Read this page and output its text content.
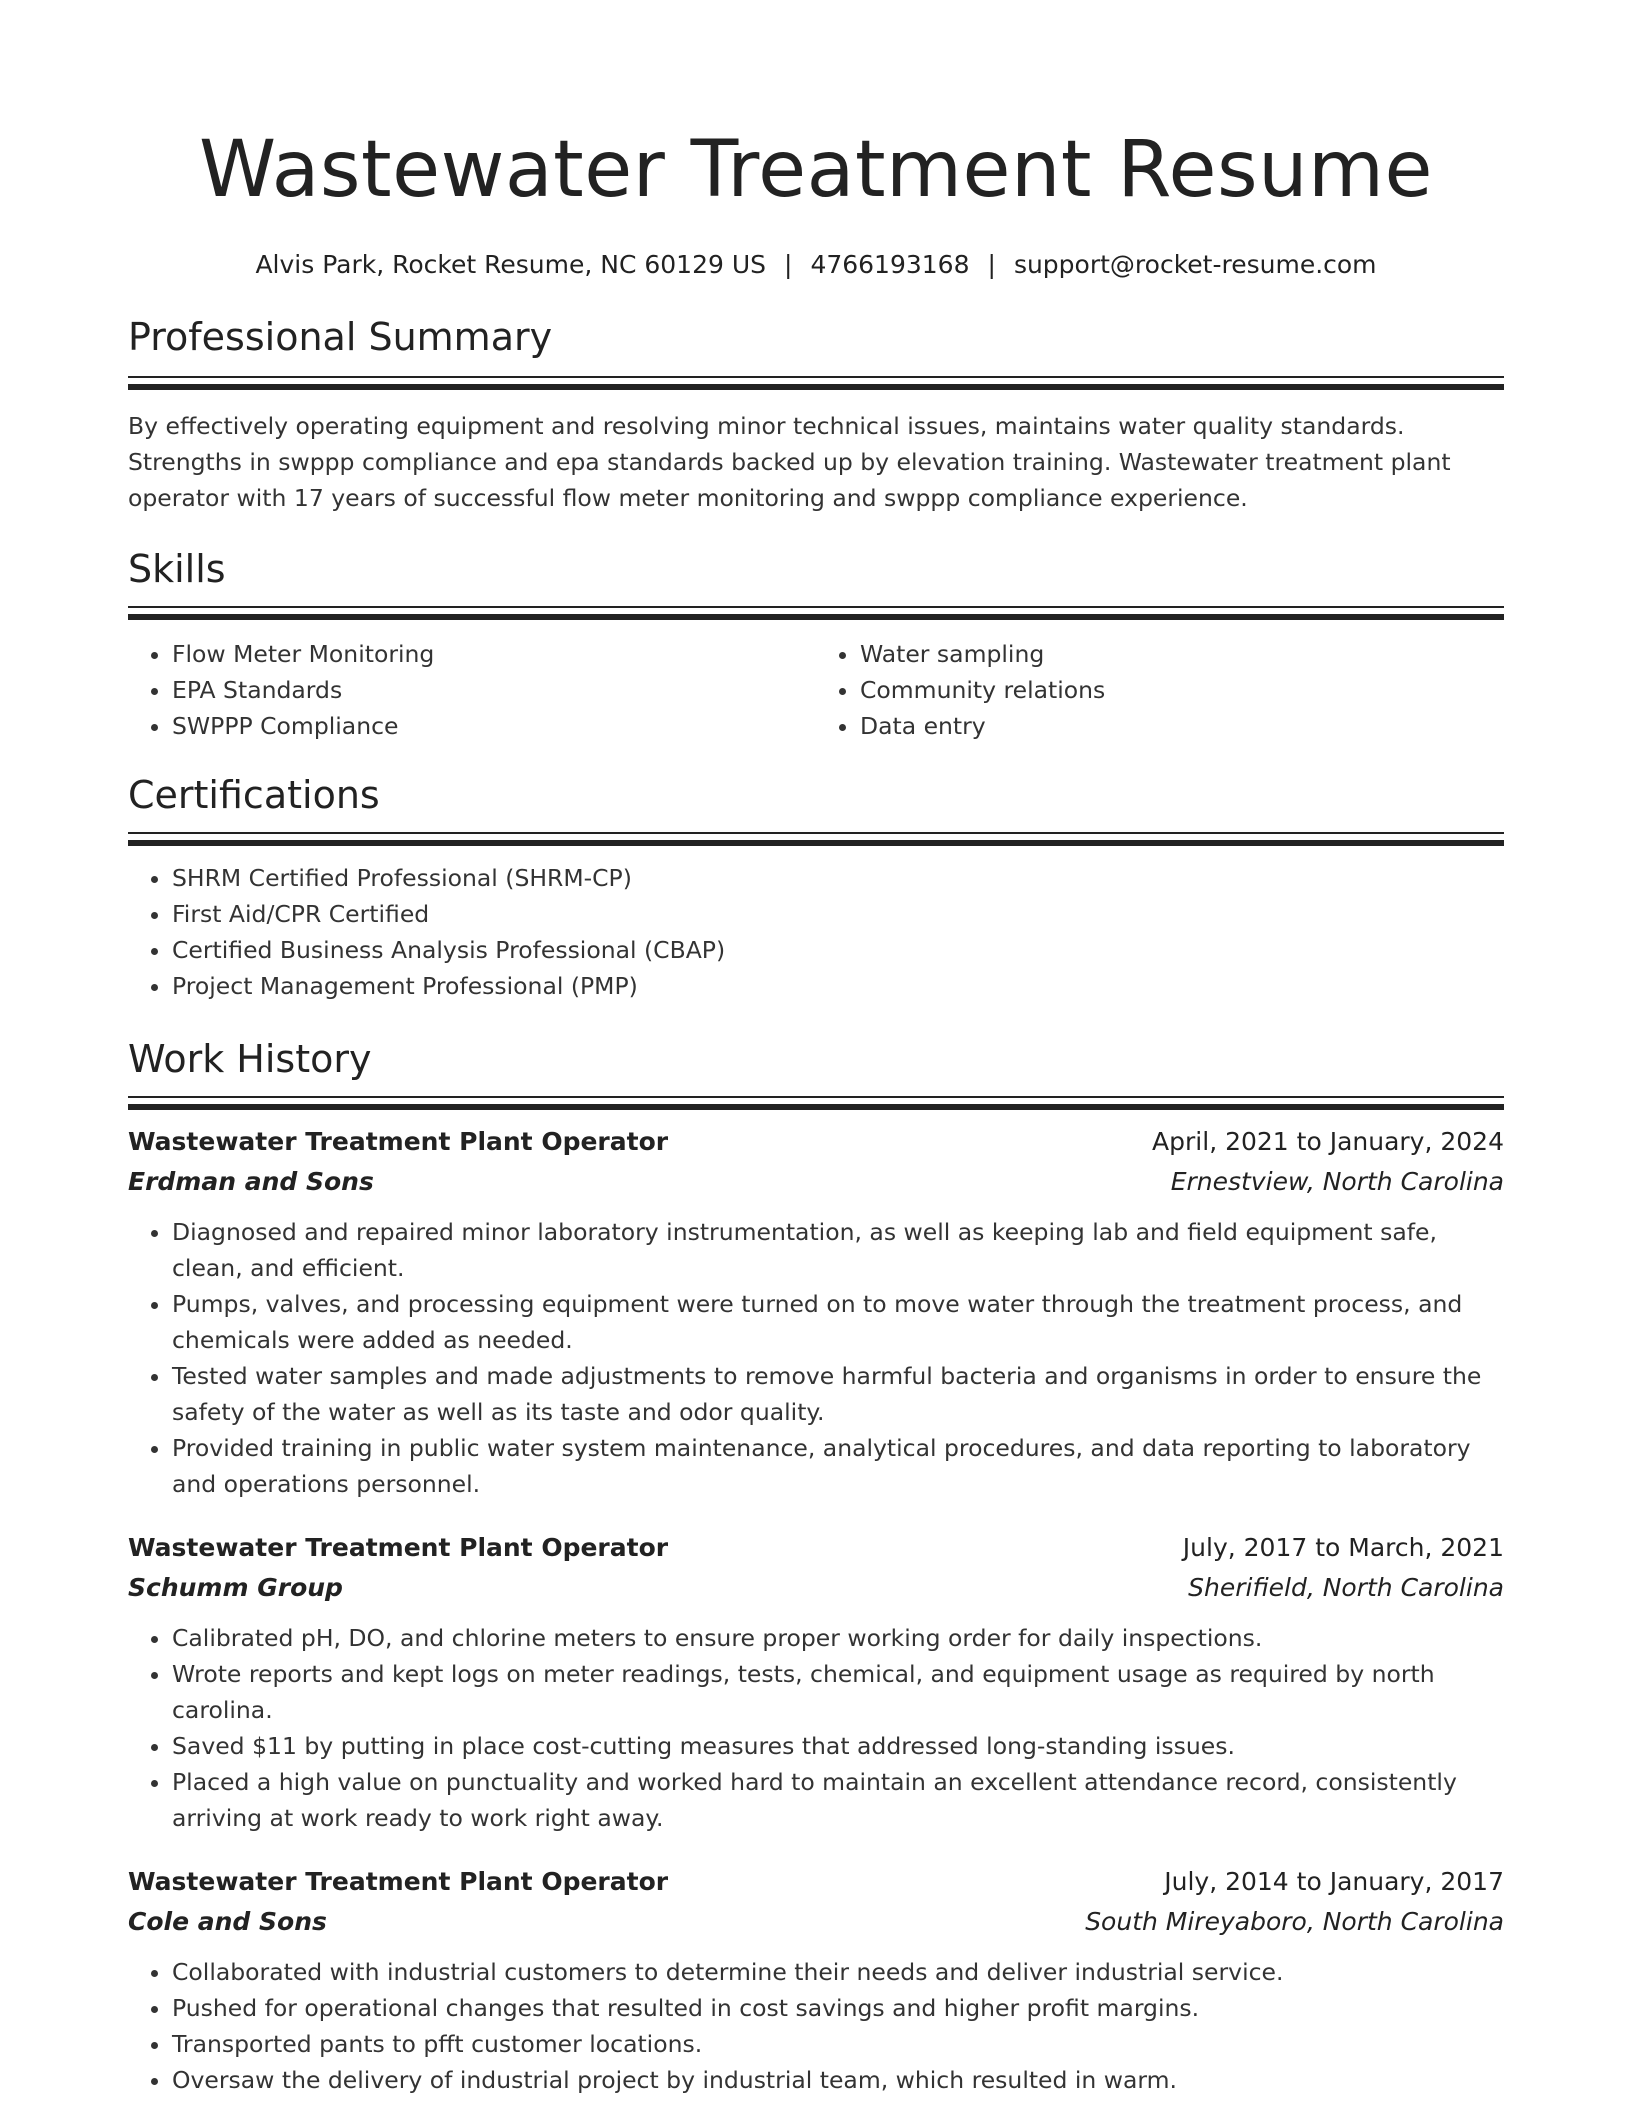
Wastewater Treatment Resume
Alvis Park, Rocket Resume, NC 60129 US | 4766193168 | support@rocket-resume.com
Professional Summary

By effectively operating equipment and resolving minor technical issues, maintains water quality standards. Strengths in swppp compliance and epa standards backed up by elevation training. Wastewater treatment plant operator with 17 years of successful flow meter monitoring and swppp compliance experience.

Skills
• Flow Meter Monitoring
• EPA Standards
• SWPPP Compliance
• Water sampling
• Community relations
• Data entry
Certifications
• SHRM Certified Professional (SHRM-CP)
• First Aid/CPR Certified
• Certified Business Analysis Professional (CBAP)
• Project Management Professional (PMP)
Work History
Wastewater Treatment Plant Operator	April, 2021 to January, 2024
Erdman and Sons	Ernestview, North Carolina
• Diagnosed and repaired minor laboratory instrumentation, as well as keeping lab and field equipment safe, clean, and efficient.
• Pumps, valves, and processing equipment were turned on to move water through the treatment process, and chemicals were added as needed.
• Tested water samples and made adjustments to remove harmful bacteria and organisms in order to ensure the safety of the water as well as its taste and odor quality.
• Provided training in public water system maintenance, analytical procedures, and data reporting to laboratory and operations personnel.
Wastewater Treatment Plant Operator	July, 2017 to March, 2021
Schumm Group	Sherifield, North Carolina
• Calibrated pH, DO, and chlorine meters to ensure proper working order for daily inspections.
• Wrote reports and kept logs on meter readings, tests, chemical, and equipment usage as required by north carolina.
• Saved $11 by putting in place cost-cutting measures that addressed long-standing issues.
• Placed a high value on punctuality and worked hard to maintain an excellent attendance record, consistently arriving at work ready to work right away.
Wastewater Treatment Plant Operator	July, 2014 to January, 2017
Cole and Sons	South Mireyaboro, North Carolina
• Collaborated with industrial customers to determine their needs and deliver industrial service.
• Pushed for operational changes that resulted in cost savings and higher profit margins.
• Transported pants to pfft customer locations.
• Oversaw the delivery of industrial project by industrial team, which resulted in warm.
